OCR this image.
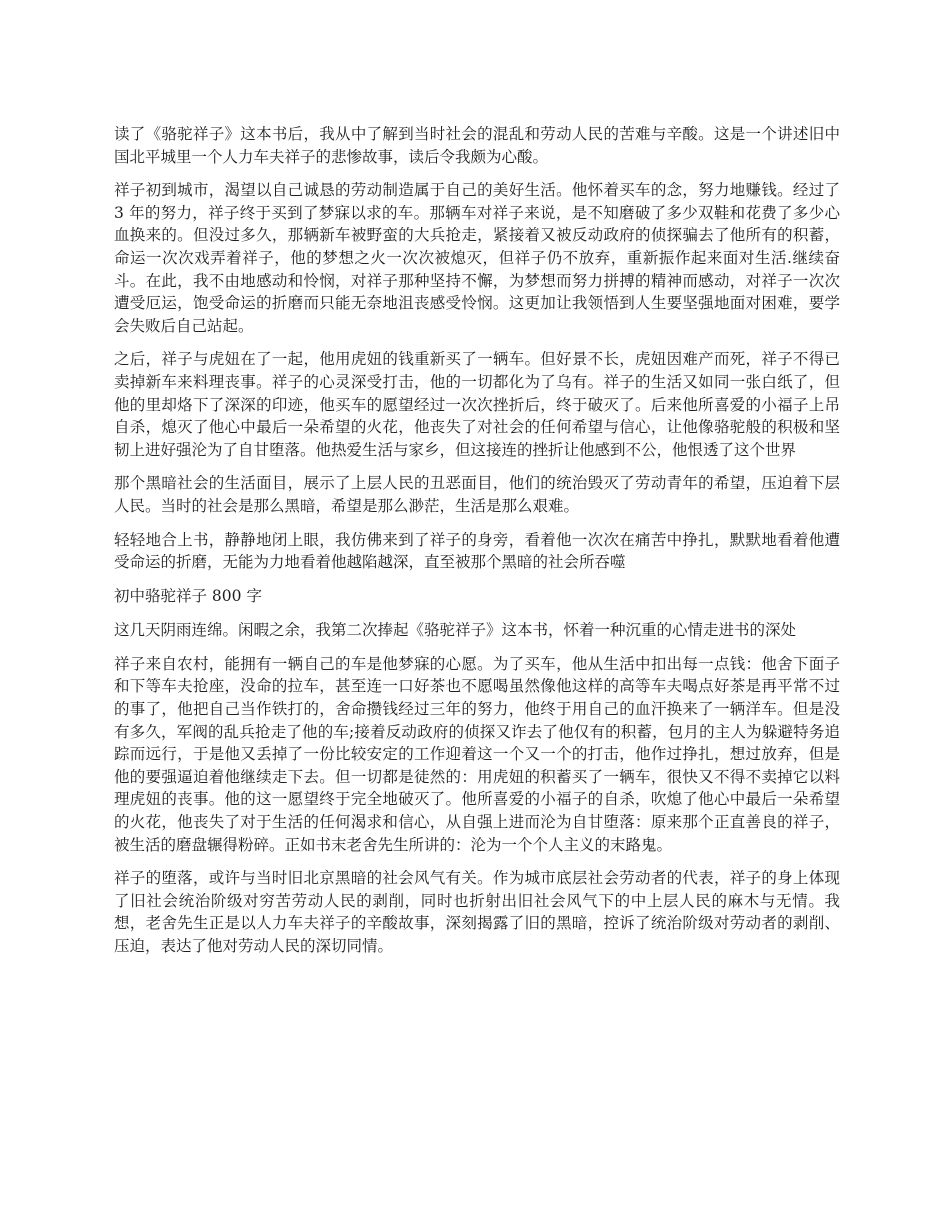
读了《骆驼祥子》这本书后，我从中了解到当时社会的混乱和劳动人民的苦难与辛酸。这是一个讲述旧中国北平城里一个人力车夫祥子的悲惨故事，读后令我颇为心酸。

祥子初到城市，渴望以自己诚恳的劳动制造属于自己的美好生活。他怀着买车的念，努力地赚钱。经过了 3 年的努力，祥子终于买到了梦寐以求的车。那辆车对祥子来说，是不知磨破了多少双鞋和花费了多少心血换来的。但没过多久，那辆新车被野蛮的大兵抢走，紧接着又被反动政府的侦探骗去了他所有的积蓄，命运一次次戏弄着祥子，他的梦想之火一次次被熄灭，但祥子仍不放弃，重新振作起来面对生活.继续奋斗。在此，我不由地感动和怜悯，对祥子那种坚持不懈，为梦想而努力拼搏的精神而感动，对祥子一次次遭受厄运，饱受命运的折磨而只能无奈地沮丧感受怜悯。这更加让我领悟到人生要坚强地面对困难，要学会失败后自己站起。

之后，祥子与虎妞在了一起，他用虎妞的钱重新买了一辆车。但好景不长，虎妞因难产而死，祥子不得已卖掉新车来料理丧事。祥子的心灵深受打击，他的一切都化为了乌有。祥子的生活又如同一张白纸了，但他的里却烙下了深深的印迹，他买车的愿望经过一次次挫折后，终于破灭了。后来他所喜爱的小福子上吊自杀，熄灭了他心中最后一朵希望的火花，他丧失了对社会的任何希望与信心，让他像骆驼般的积极和坚韧上进好强沦为了自甘堕落。他热爱生活与家乡，但这接连的挫折让他感到不公，他恨透了这个世界

那个黑暗社会的生活面目，展示了上层人民的丑恶面目，他们的统治毁灭了劳动青年的希望，压迫着下层人民。当时的社会是那么黑暗，希望是那么渺茫，生活是那么艰难。

轻轻地合上书，静静地闭上眼，我仿佛来到了祥子的身旁，看着他一次次在痛苦中挣扎，默默地看着他遭受命运的折磨，无能为力地看着他越陷越深，直至被那个黑暗的社会所吞噬

初中骆驼祥子 800 字

这几天阴雨连绵。闲暇之余，我第二次捧起《骆驼祥子》这本书，怀着一种沉重的心情走进书的深处

祥子来自农村，能拥有一辆自己的车是他梦寐的心愿。为了买车，他从生活中扣出每一点钱：他舍下面子和下等车夫抢座，没命的拉车，甚至连一口好茶也不愿喝虽然像他这样的高等车夫喝点好茶是再平常不过的事了，他把自己当作铁打的，舍命攒钱经过三年的努力，他终于用自己的血汗换来了一辆洋车。但是没有多久，军阀的乱兵抢走了他的车;接着反动政府的侦探又诈去了他仅有的积蓄，包月的主人为躲避特务追踪而远行，于是他又丢掉了一份比较安定的工作迎着这一个又一个的打击，他作过挣扎，想过放弃，但是他的要强逼迫着他继续走下去。但一切都是徒然的：用虎妞的积蓄买了一辆车，很快又不得不卖掉它以料理虎妞的丧事。他的这一愿望终于完全地破灭了。他所喜爱的小福子的自杀，吹熄了他心中最后一朵希望的火花，他丧失了对于生活的任何渴求和信心，从自强上进而沦为自甘堕落：原来那个正直善良的祥子，被生活的磨盘辗得粉碎。正如书末老舍先生所讲的：沦为一个个人主义的末路鬼。

祥子的堕落，或许与当时旧北京黑暗的社会风气有关。作为城市底层社会劳动者的代表，祥子的身上体现了旧社会统治阶级对穷苦劳动人民的剥削，同时也折射出旧社会风气下的中上层人民的麻木与无情。我想，老舍先生正是以人力车夫祥子的辛酸故事，深刻揭露了旧的黑暗，控诉了统治阶级对劳动者的剥削、压迫，表达了他对劳动人民的深切同情。
